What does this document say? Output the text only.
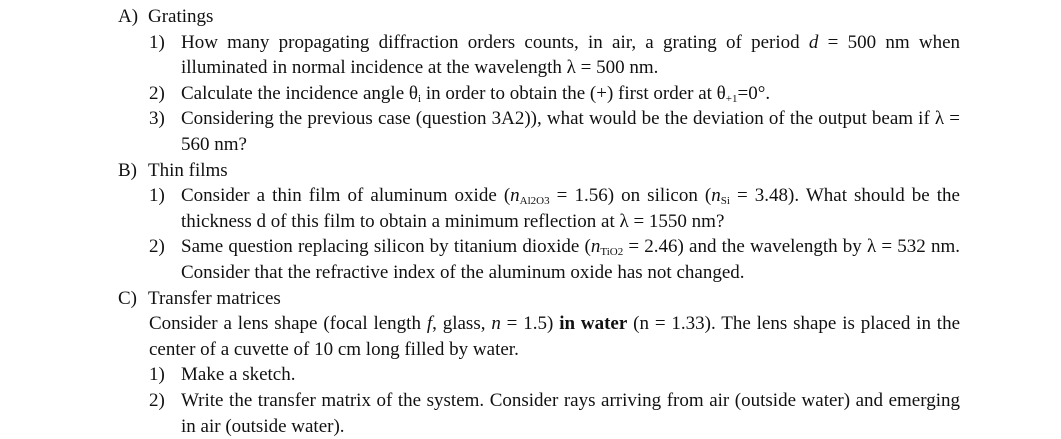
A) Gratings
1) How many propagating diffraction orders counts, in air, a grating of period d = 500 nm when illuminated in normal incidence at the wavelength λ = 500 nm.
2) Calculate the incidence angle $\theta_i$ in order to obtain the (+) first order at $\theta_{+1}=0^\circ$.
3) Considering the previous case (question 3A2)), what would be the deviation of the output beam if λ = 560 nm?
B) Thin films
1) Consider a thin film of aluminum oxide $(n_{Al2O3} = 1.56)$ on silicon $(n_{Si} = 3.48)$. What should be the thickness d of this film to obtain a minimum reflection at λ = 1550 nm?
2) Same question replacing silicon by titanium dioxide $(n_{TiO2} = 2.46)$ and the wavelength by λ = 532 nm. Consider that the refractive index of the aluminum oxide has not changed.
C) Transfer matrices
Consider a lens shape (focal length f, glass, n = 1.5) in water (n = 1.33). The lens shape is placed in the center of a cuvette of 10 cm long filled by water.
1) Make a sketch.
2) Write the transfer matrix of the system. Consider rays arriving from air (outside water) and emerging in air (outside water).
